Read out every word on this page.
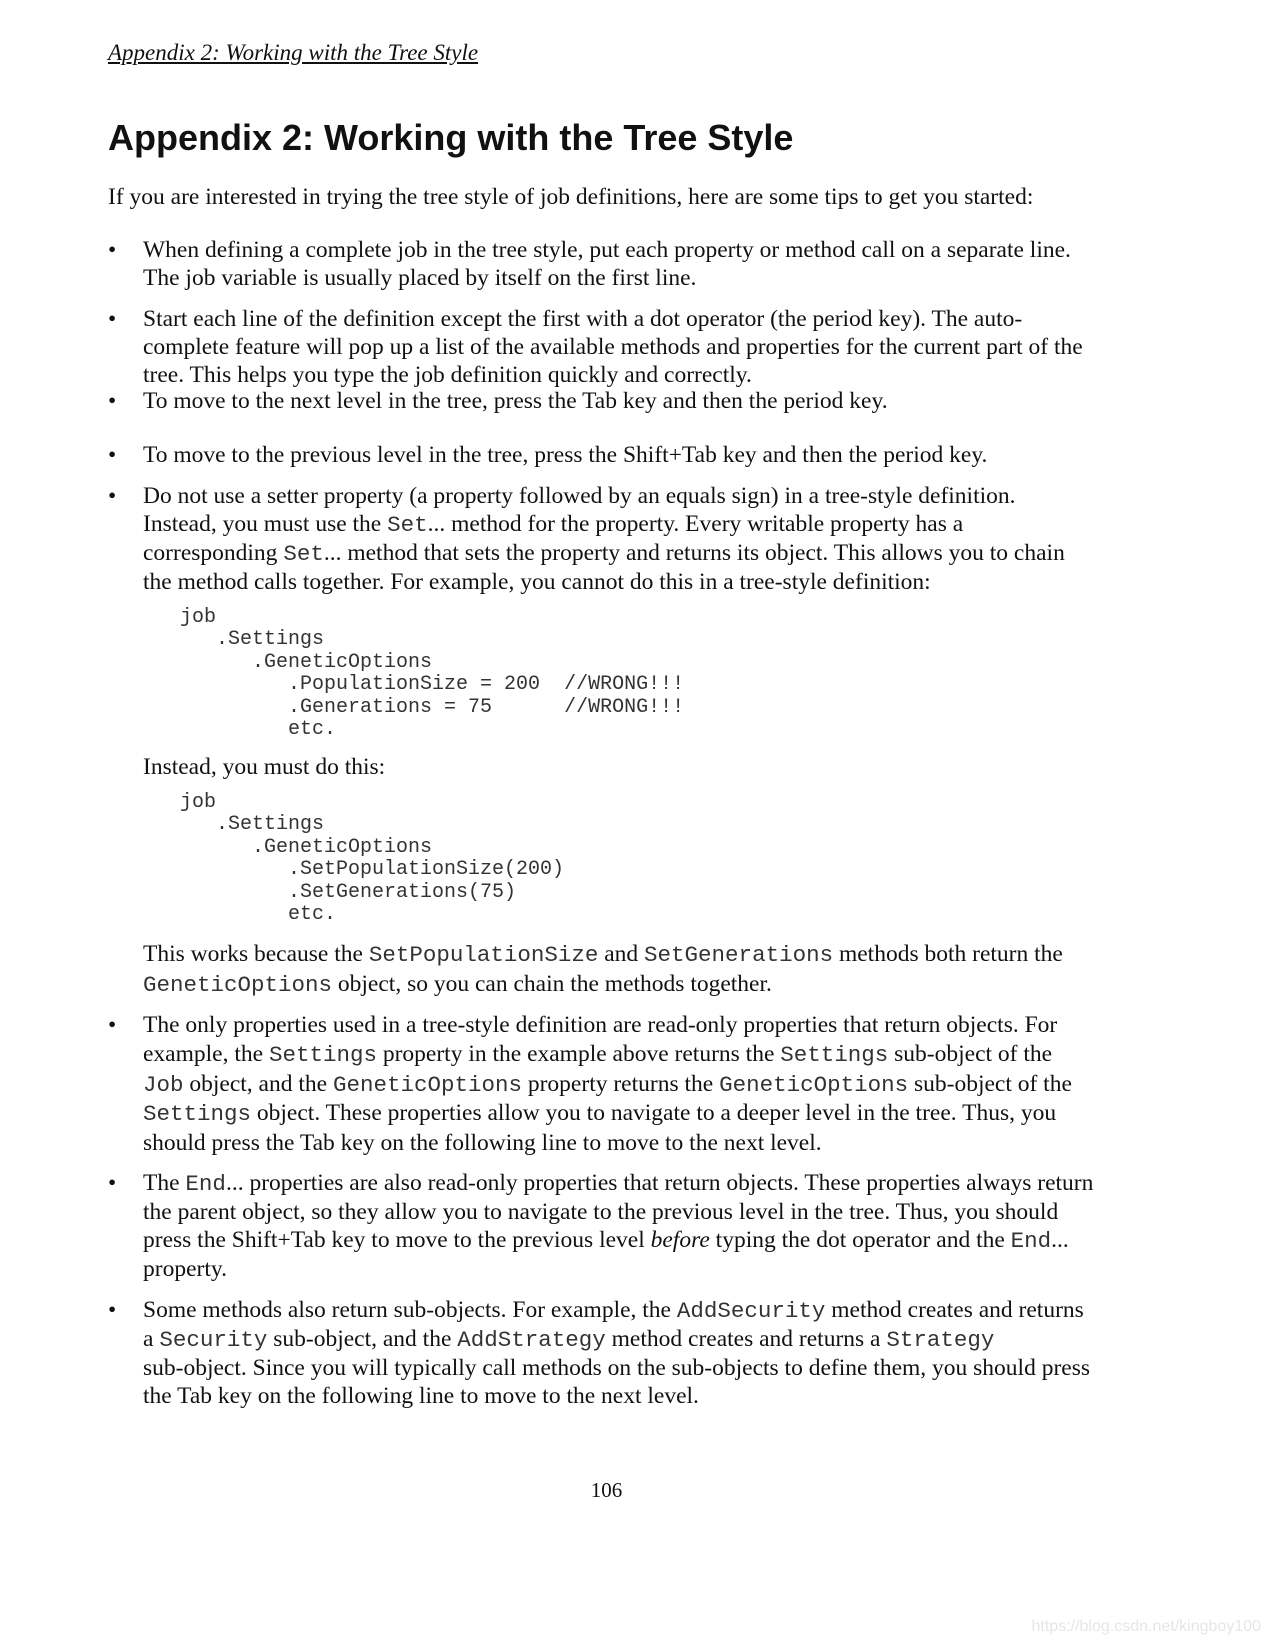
Appendix 2: Working with the Tree Style
Appendix 2: Working with the Tree Style
If you are interested in trying the tree style of job definitions, here are some tips to get you started:
• When defining a complete job in the tree style, put each property or method call on a separate line.
The job variable is usually placed by itself on the first line.
• Start each line of the definition except the first with a dot operator (the period key). The auto-
complete feature will pop up a list of the available methods and properties for the current part of the
tree. This helps you type the job definition quickly and correctly.
• To move to the next level in the tree, press the Tab key and then the period key.
• To move to the previous level in the tree, press the Shift+Tab key and then the period key.
• Do not use a setter property (a property followed by an equals sign) in a tree-style definition.
Instead, you must use the Set... method for the property. Every writable property has a
corresponding Set... method that sets the property and returns its object. This allows you to chain
the method calls together. For example, you cannot do this in a tree-style definition:
job
.Settings
.GeneticOptions
.PopulationSize = 200  //WRONG!!!
.Generations = 75      //WRONG!!!
etc.
Instead, you must do this:
job
.Settings
.GeneticOptions
.SetPopulationSize(200)
.SetGenerations(75)
etc.
This works because the SetPopulationSize and SetGenerations methods both return the
GeneticOptions object, so you can chain the methods together.
• The only properties used in a tree-style definition are read-only properties that return objects. For
example, the Settings property in the example above returns the Settings sub-object of the
Job object, and the GeneticOptions property returns the GeneticOptions sub-object of the
Settings object. These properties allow you to navigate to a deeper level in the tree. Thus, you
should press the Tab key on the following line to move to the next level.
• The End... properties are also read-only properties that return objects. These properties always return
the parent object, so they allow you to navigate to the previous level in the tree. Thus, you should
press the Shift+Tab key to move to the previous level before typing the dot operator and the End...
property.
• Some methods also return sub-objects. For example, the AddSecurity method creates and returns
a Security sub-object, and the AddStrategy method creates and returns a Strategy
sub-object. Since you will typically call methods on the sub-objects to define them, you should press
the Tab key on the following line to move to the next level.
106
https://blog.csdn.net/kingboy100
